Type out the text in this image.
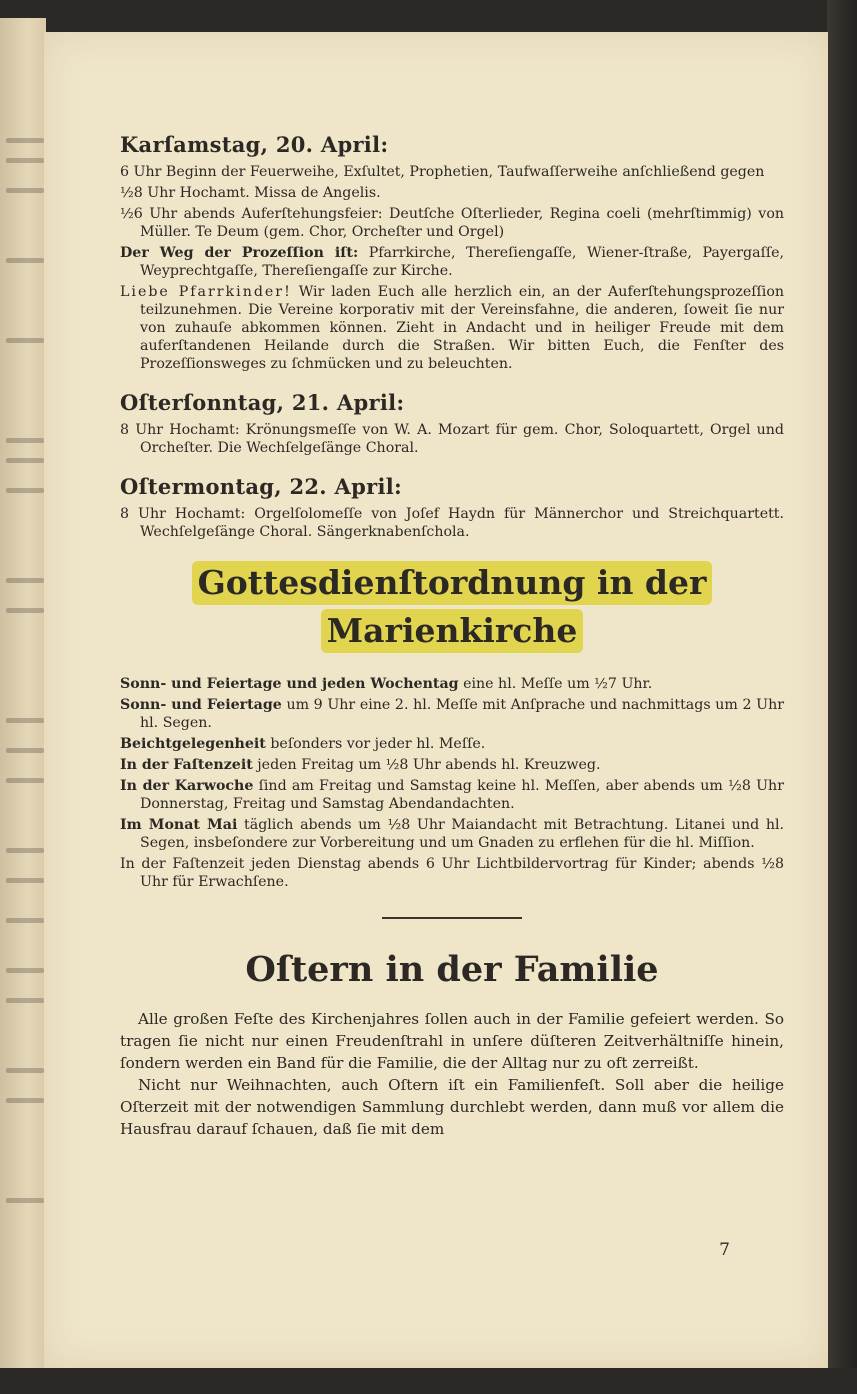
Karſamstag, 20. April:

6 Uhr Beginn der Feuerweihe, Exſultet, Prophetien, Taufwaſſerweihe anſchließend gegen

½8 Uhr Hochamt. Missa de Angelis.

½6 Uhr abends Auferſtehungsfeier: Deutſche Oſterlieder, Regina coeli (mehrſtimmig) von Müller. Te Deum (gem. Chor, Orcheſter und Orgel)

Der Weg der Prozeſſion iſt: Pfarrkirche, Thereſiengaſſe, Wiener-ſtraße, Payergaſſe, Weyprechtgaſſe, Thereſiengaſſe zur Kirche.

Liebe Pfarrkinder! Wir laden Euch alle herzlich ein, an der Auferſtehungsprozeſſion teilzunehmen. Die Vereine korporativ mit der Vereinsfahne, die anderen, ſoweit ſie nur von zuhauſe abkommen können. Zieht in Andacht und in heiliger Freude mit dem auferſtandenen Heilande durch die Straßen. Wir bitten Euch, die Fenſter des Prozeſſionsweges zu ſchmücken und zu beleuchten.

Oſterſonntag, 21. April:

8 Uhr Hochamt: Krönungsmeſſe von W. A. Mozart für gem. Chor, Soloquartett, Orgel und Orcheſter. Die Wechſelgeſänge Choral.

Oſtermontag, 22. April:

8 Uhr Hochamt: Orgelſolomeſſe von Joſef Haydn für Männerchor und Streichquartett. Wechſelgeſänge Choral. Sängerknabenſchola.

Gottesdienſtordnung in der
Marienkirche

Sonn- und Feiertage und jeden Wochentag eine hl. Meſſe um ½7 Uhr.

Sonn- und Feiertage um 9 Uhr eine 2. hl. Meſſe mit Anſprache und nachmittags um 2 Uhr hl. Segen.

Beichtgelegenheit beſonders vor jeder hl. Meſſe.

In der Faſtenzeit jeden Freitag um ½8 Uhr abends hl. Kreuzweg.

In der Karwoche ſind am Freitag und Samstag keine hl. Meſſen, aber abends um ½8 Uhr Donnerstag, Freitag und Samstag Abendandachten.

Im Monat Mai täglich abends um ½8 Uhr Maiandacht mit Betrachtung. Litanei und hl. Segen, insbeſondere zur Vorbereitung und um Gnaden zu erflehen für die hl. Miſſion.

In der Faſtenzeit jeden Dienstag abends 6 Uhr Lichtbildervortrag für Kinder; abends ½8 Uhr für Erwachſene.

Oſtern in der Familie

Alle großen Feſte des Kirchenjahres ſollen auch in der Familie gefeiert werden. So tragen ſie nicht nur einen Freudenſtrahl in unſere düſteren Zeitverhältniſſe hinein, ſondern werden ein Band für die Familie, die der Alltag nur zu oft zerreißt.

Nicht nur Weihnachten, auch Oſtern iſt ein Familienfeſt. Soll aber die heilige Oſterzeit mit der notwendigen Sammlung durchlebt werden, dann muß vor allem die Hausfrau darauf ſchauen, daß ſie mit dem

7
